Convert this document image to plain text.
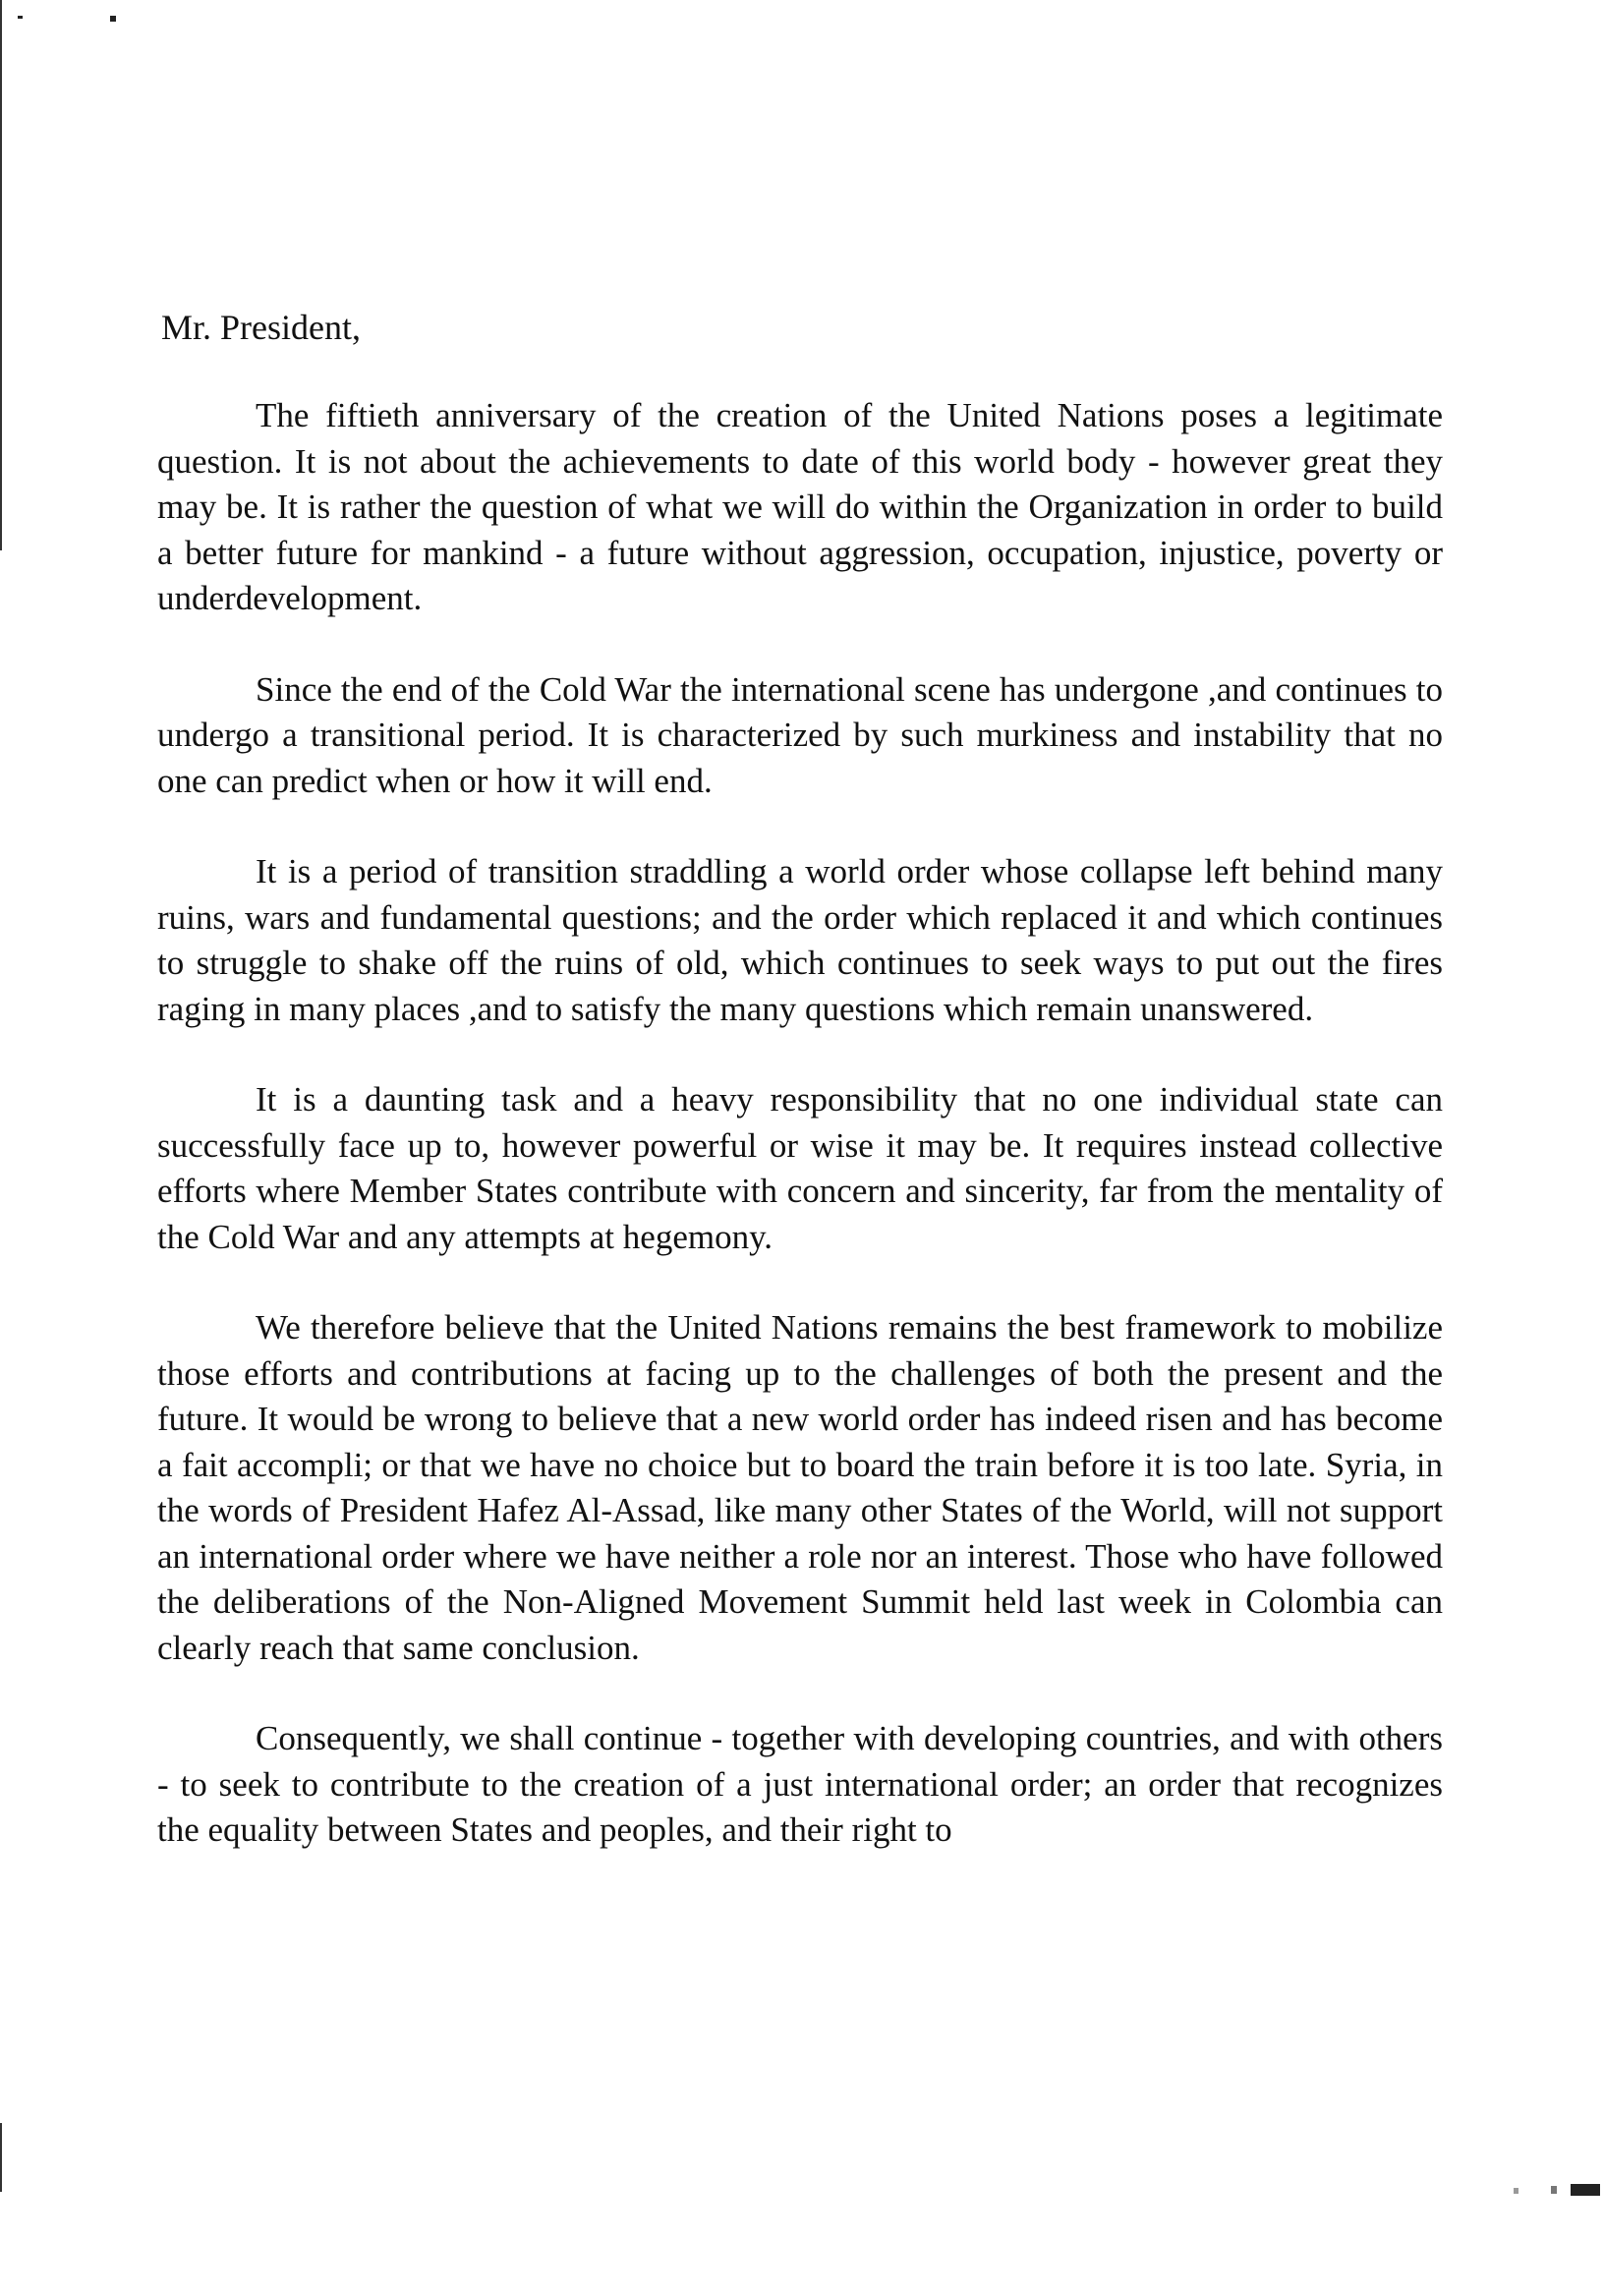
Mr. President,

The fiftieth anniversary of the creation of the United Nations poses a legitimate question. It is not about the achievements to date of this world body - however great they may be. It is rather the question of what we will do within the Organization in order to build a better future for mankind - a future without aggression, occupation, injustice, poverty or underdevelopment.

Since the end of the Cold War the international scene has undergone ,and continues to undergo a transitional period. It is characterized by such murkiness and instability that no one can predict when or how it will end.

It is a period of transition straddling a world order whose collapse left behind many ruins, wars and fundamental questions; and the order which replaced it and which continues to struggle to shake off the ruins of old, which continues to seek ways to put out the fires raging in many places ,and to satisfy the many questions which remain unanswered.

It is a daunting task and a heavy responsibility that no one individual state can successfully face up to, however powerful or wise it may be. It requires instead collective efforts where Member States contribute with concern and sincerity, far from the mentality of the Cold War and any attempts at hegemony.

We therefore believe that the United Nations remains the best framework to mobilize those efforts and contributions at facing up to the challenges of both the present and the future. It would be wrong to believe that a new world order has indeed risen and has become a fait accompli; or that we have no choice but to board the train before it is too late. Syria, in the words of President Hafez Al-Assad, like many other States of the World, will not support an international order where we have neither a role nor an interest. Those who have followed the deliberations of the Non-Aligned Movement Summit held last week in Colombia can clearly reach that same conclusion.

Consequently, we shall continue - together with developing countries, and with others - to seek to contribute to the creation of a just international order; an order that recognizes the equality between States and peoples, and their right to
